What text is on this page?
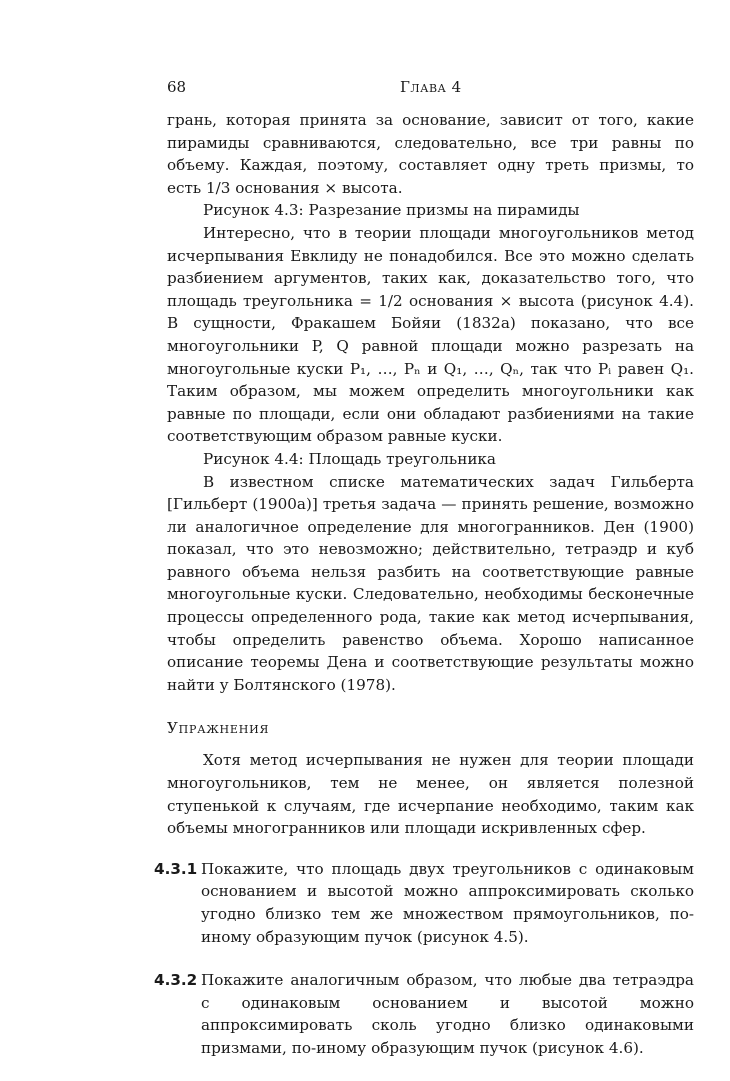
68	Глава 4

грань, которая принята за основание, зависит от того, какие пирамиды сравниваются, следовательно, все три равны по объему. Каждая, поэтому, составляет одну треть призмы, то есть 1/3 основания × высота.

Рисунок 4.3: Разрезание призмы на пирамиды

Интересно, что в теории площади многоугольников метод исчерпывания Евклиду не понадобился. Все это можно сделать разбиением аргументов, таких как, доказательство того, что площадь треугольника = 1/2 основания × высота (рисунок 4.4). В сущности, Фракашем Бойяи (1832a) показано, что все многоугольники P, Q равной площади можно разрезать на многоугольные куски P₁, …, Pₙ и Q₁, …, Qₙ, так что Pᵢ равен Q₁. Таким образом, мы можем определить многоугольники как равные по площади, если они обладают разбиениями на такие соответствующим образом равные куски.

Рисунок 4.4: Площадь треугольника

В известном списке математических задач Гильберта [Гильберт (1900a)] третья задача — принять решение, возможно ли аналогичное определение для многогранников. Ден (1900) показал, что это невозможно; действительно, тетраэдр и куб равного объема нельзя разбить на соответствующие равные многоугольные куски. Следовательно, необходимы бесконечные процессы определенного рода, такие как метод исчерпывания, чтобы определить равенство объема. Хорошо написанное описание теоремы Дена и соответствующие результаты можно найти у Болтянского (1978).

Упражнения

Хотя метод исчерпывания не нужен для теории площади многоугольников, тем не менее, он является полезной ступенькой к случаям, где исчерпание необходимо, таким как объемы многогранников или площади искривленных сфер.

4.3.1 Покажите, что площадь двух треугольников с одинаковым основанием и высотой можно аппроксимировать сколько угодно близко тем же множеством прямоугольников, по-иному образующим пучок (рисунок 4.5).
4.3.2 Покажите аналогичным образом, что любые два тетраэдра с одинаковым основанием и высотой можно аппроксимировать сколь угодно близко одинаковыми призмами, по-иному образующим пучок (рисунок 4.6).
